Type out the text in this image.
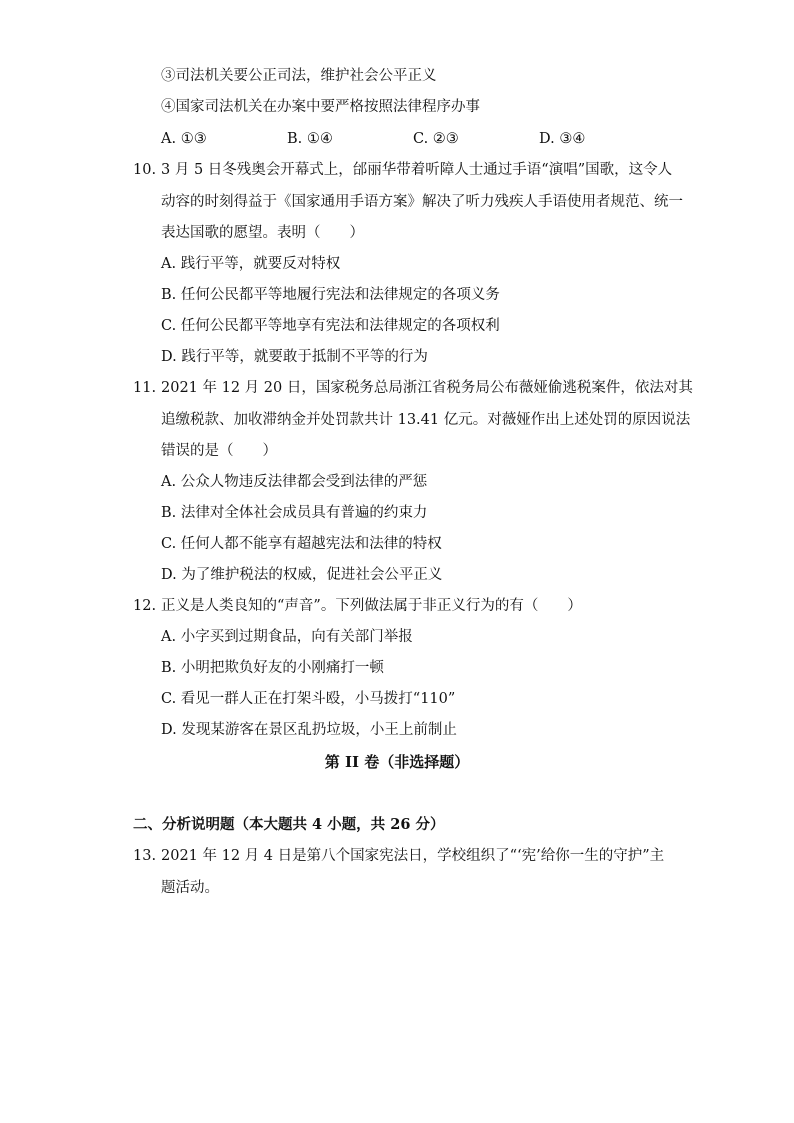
③司法机关要公正司法，维护社会公平正义
④国家司法机关在办案中要严格按照法律程序办事
A. ①③	B. ①④	C. ②③	D. ③④
10. 3 月 5 日冬残奥会开幕式上，邰丽华带着听障人士通过手语“演唱”国歌，这令人
动容的时刻得益于《国家通用手语方案》解决了听力残疾人手语使用者规范、统一
表达国歌的愿望。表明（　　）
A. 践行平等，就要反对特权
B. 任何公民都平等地履行宪法和法律规定的各项义务
C. 任何公民都平等地享有宪法和法律规定的各项权利
D. 践行平等，就要敢于抵制不平等的行为
11. 2021 年 12 月 20 日，国家税务总局浙江省税务局公布薇娅偷逃税案件，依法对其
追缴税款、加收滞纳金并处罚款共计 13.41 亿元。对薇娅作出上述处罚的原因说法
错误的是（　　）
A. 公众人物违反法律都会受到法律的严惩
B. 法律对全体社会成员具有普遍的约束力
C. 任何人都不能享有超越宪法和法律的特权
D. 为了维护税法的权威，促进社会公平正义
12. 正义是人类良知的“声音”。下列做法属于非正义行为的有（　　）
A. 小字买到过期食品，向有关部门举报
B. 小明把欺负好友的小刚痛打一顿
C. 看见一群人正在打架斗殴，小马拨打“110”
D. 发现某游客在景区乱扔垃圾，小王上前制止
第 II 卷（非选择题）
二、分析说明题（本大题共 4 小题，共 26 分）
13. 2021 年 12 月 4 日是第八个国家宪法日，学校组织了“‘宪’给你一生的守护”主
题活动。
